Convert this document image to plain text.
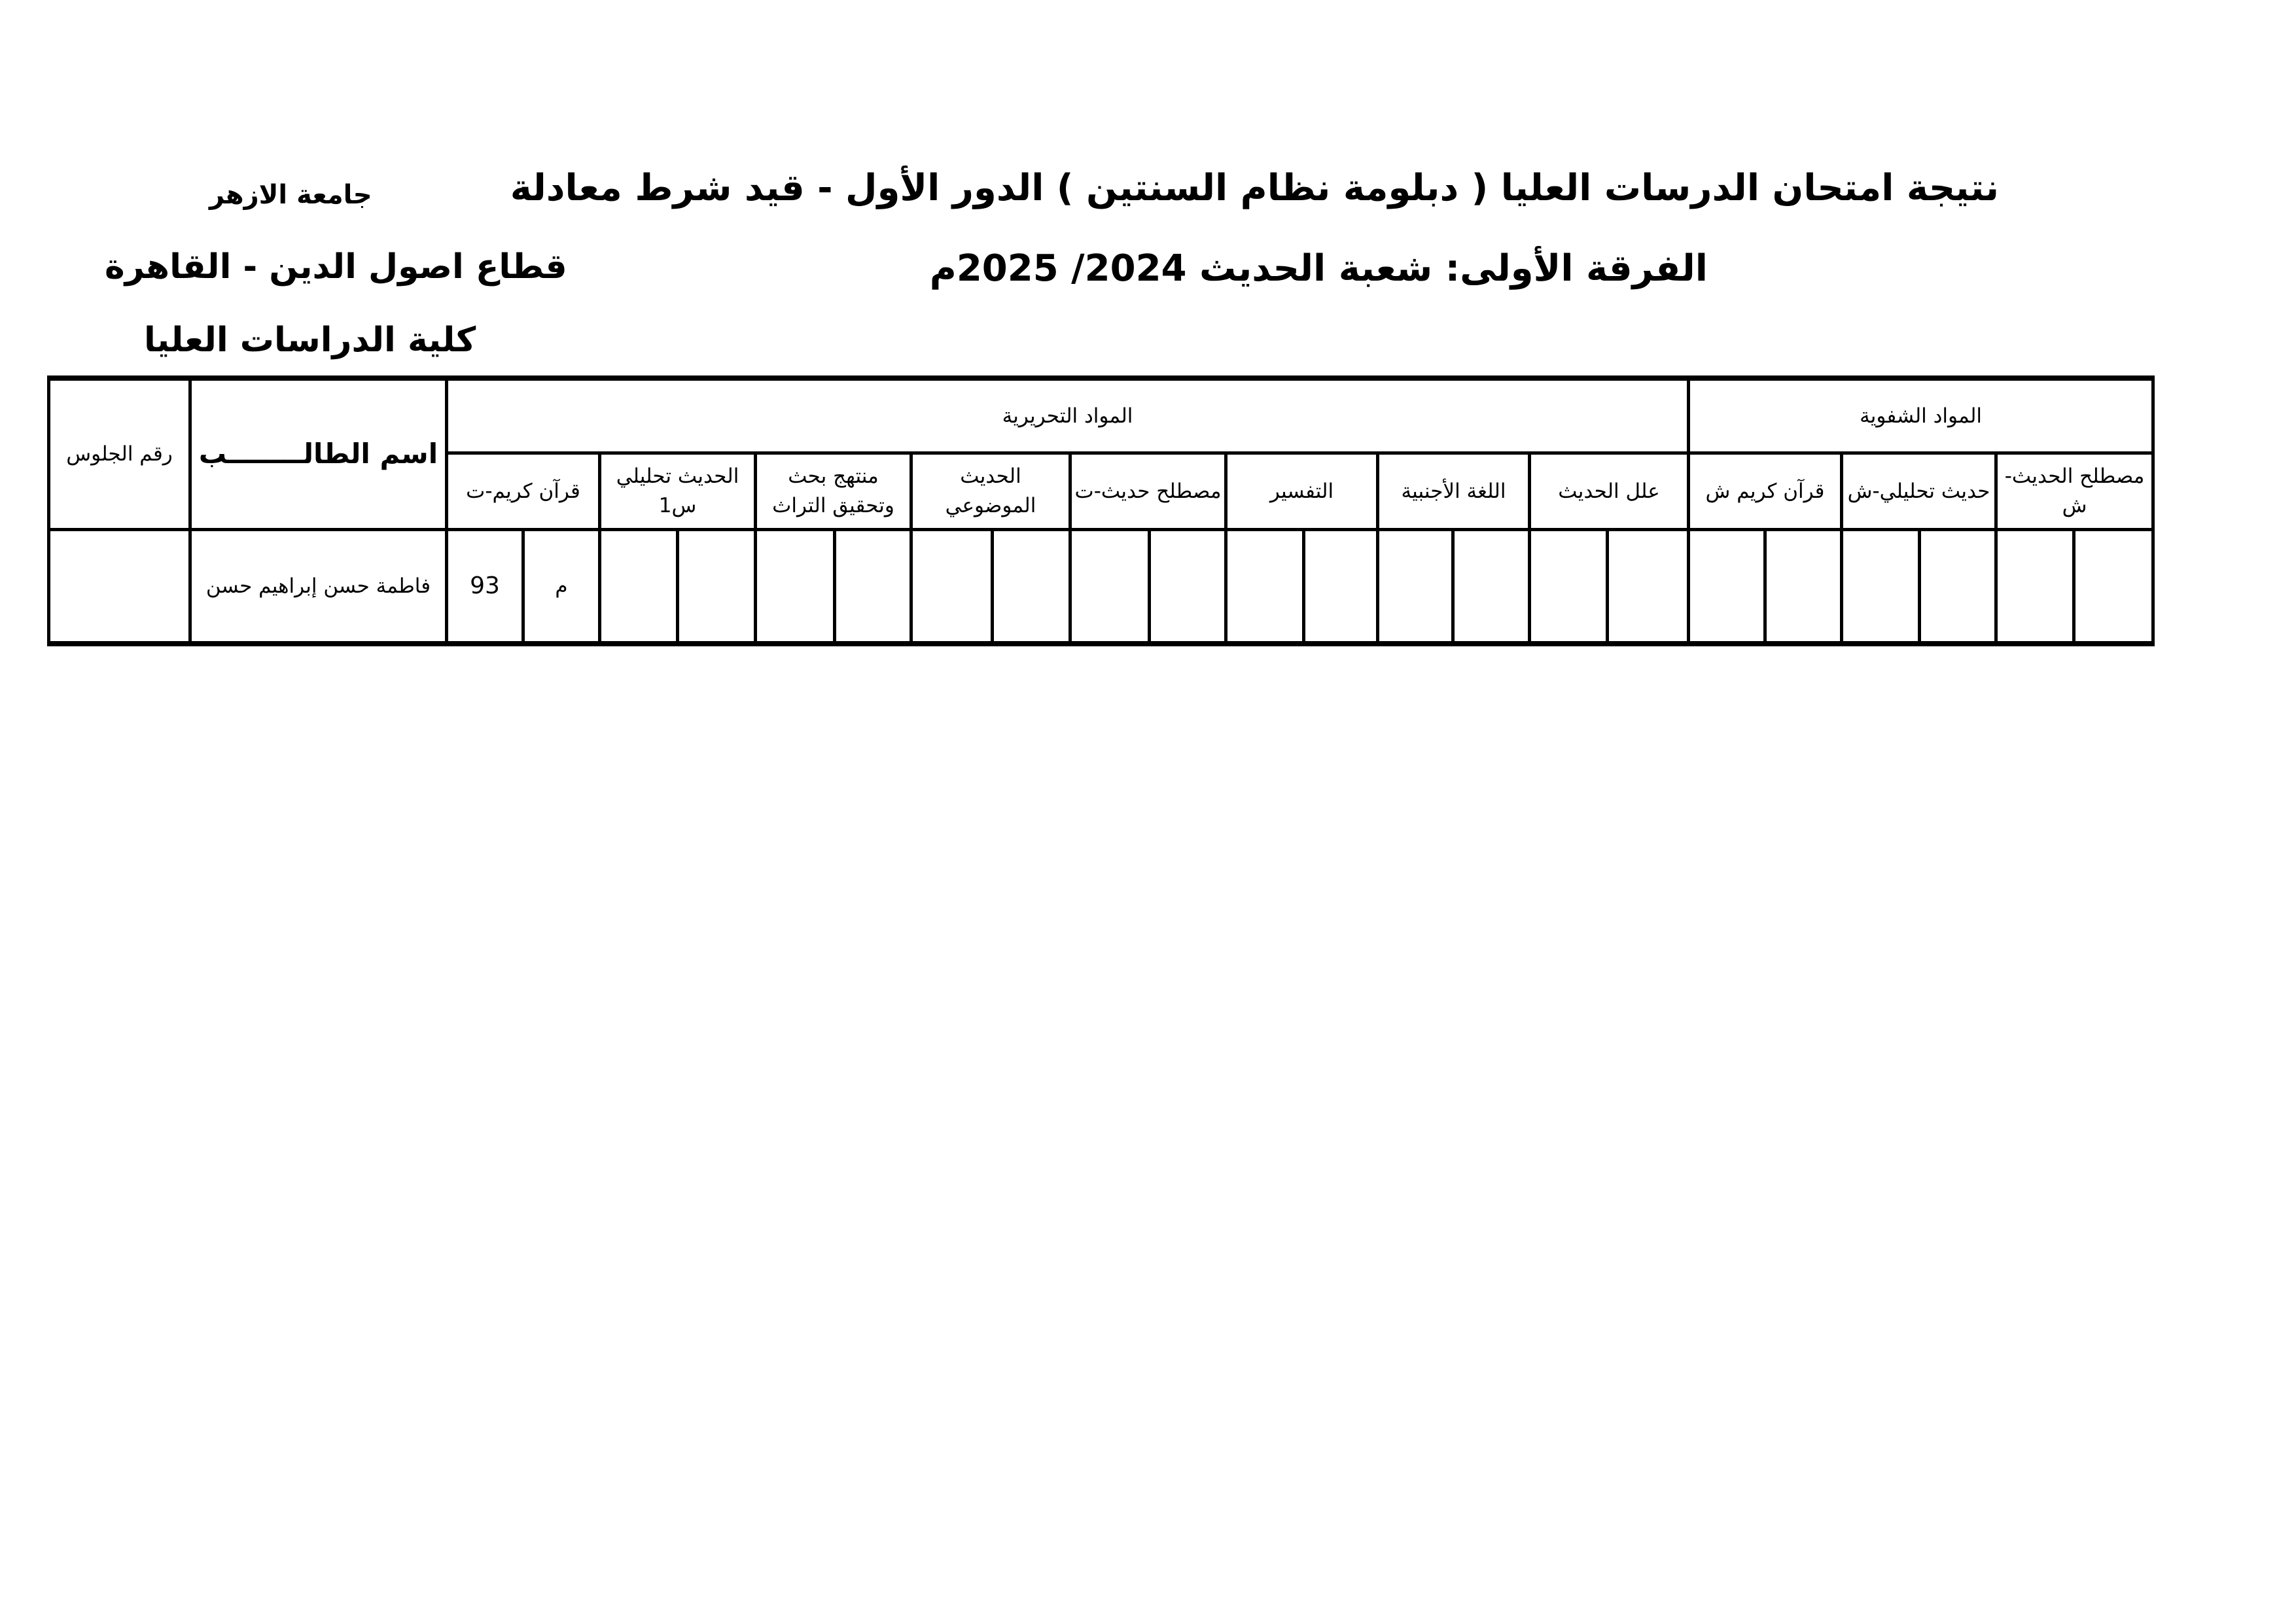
نتيجة امتحان الدرسات العليا ( دبلومة نظام السنتين ) الدور الأول - قيد شرط معادلة
الفرقة الأولى: شعبة الحديث 2024/ 2025م
جامعة الازهر
قطاع اصول الدين - القاهرة
كلية الدراسات العليا
رقم الجلوس	اسم الطالــــــــب	المواد التحريرية																المواد الشفوية					
		قرآن كريم-ت		الحديث تحليلي س1		منتهج بحث وتحقيق التراث		الحديث الموضوعي		مصطلح حديث-ت		التفسير		اللغة الأجنبية		علل الحديث		قرآن كريم ش		حديث تحليلي-ش		مصطلح الحديث-ش	
	فاطمة حسن إبراهيم حسن	93	م																				
